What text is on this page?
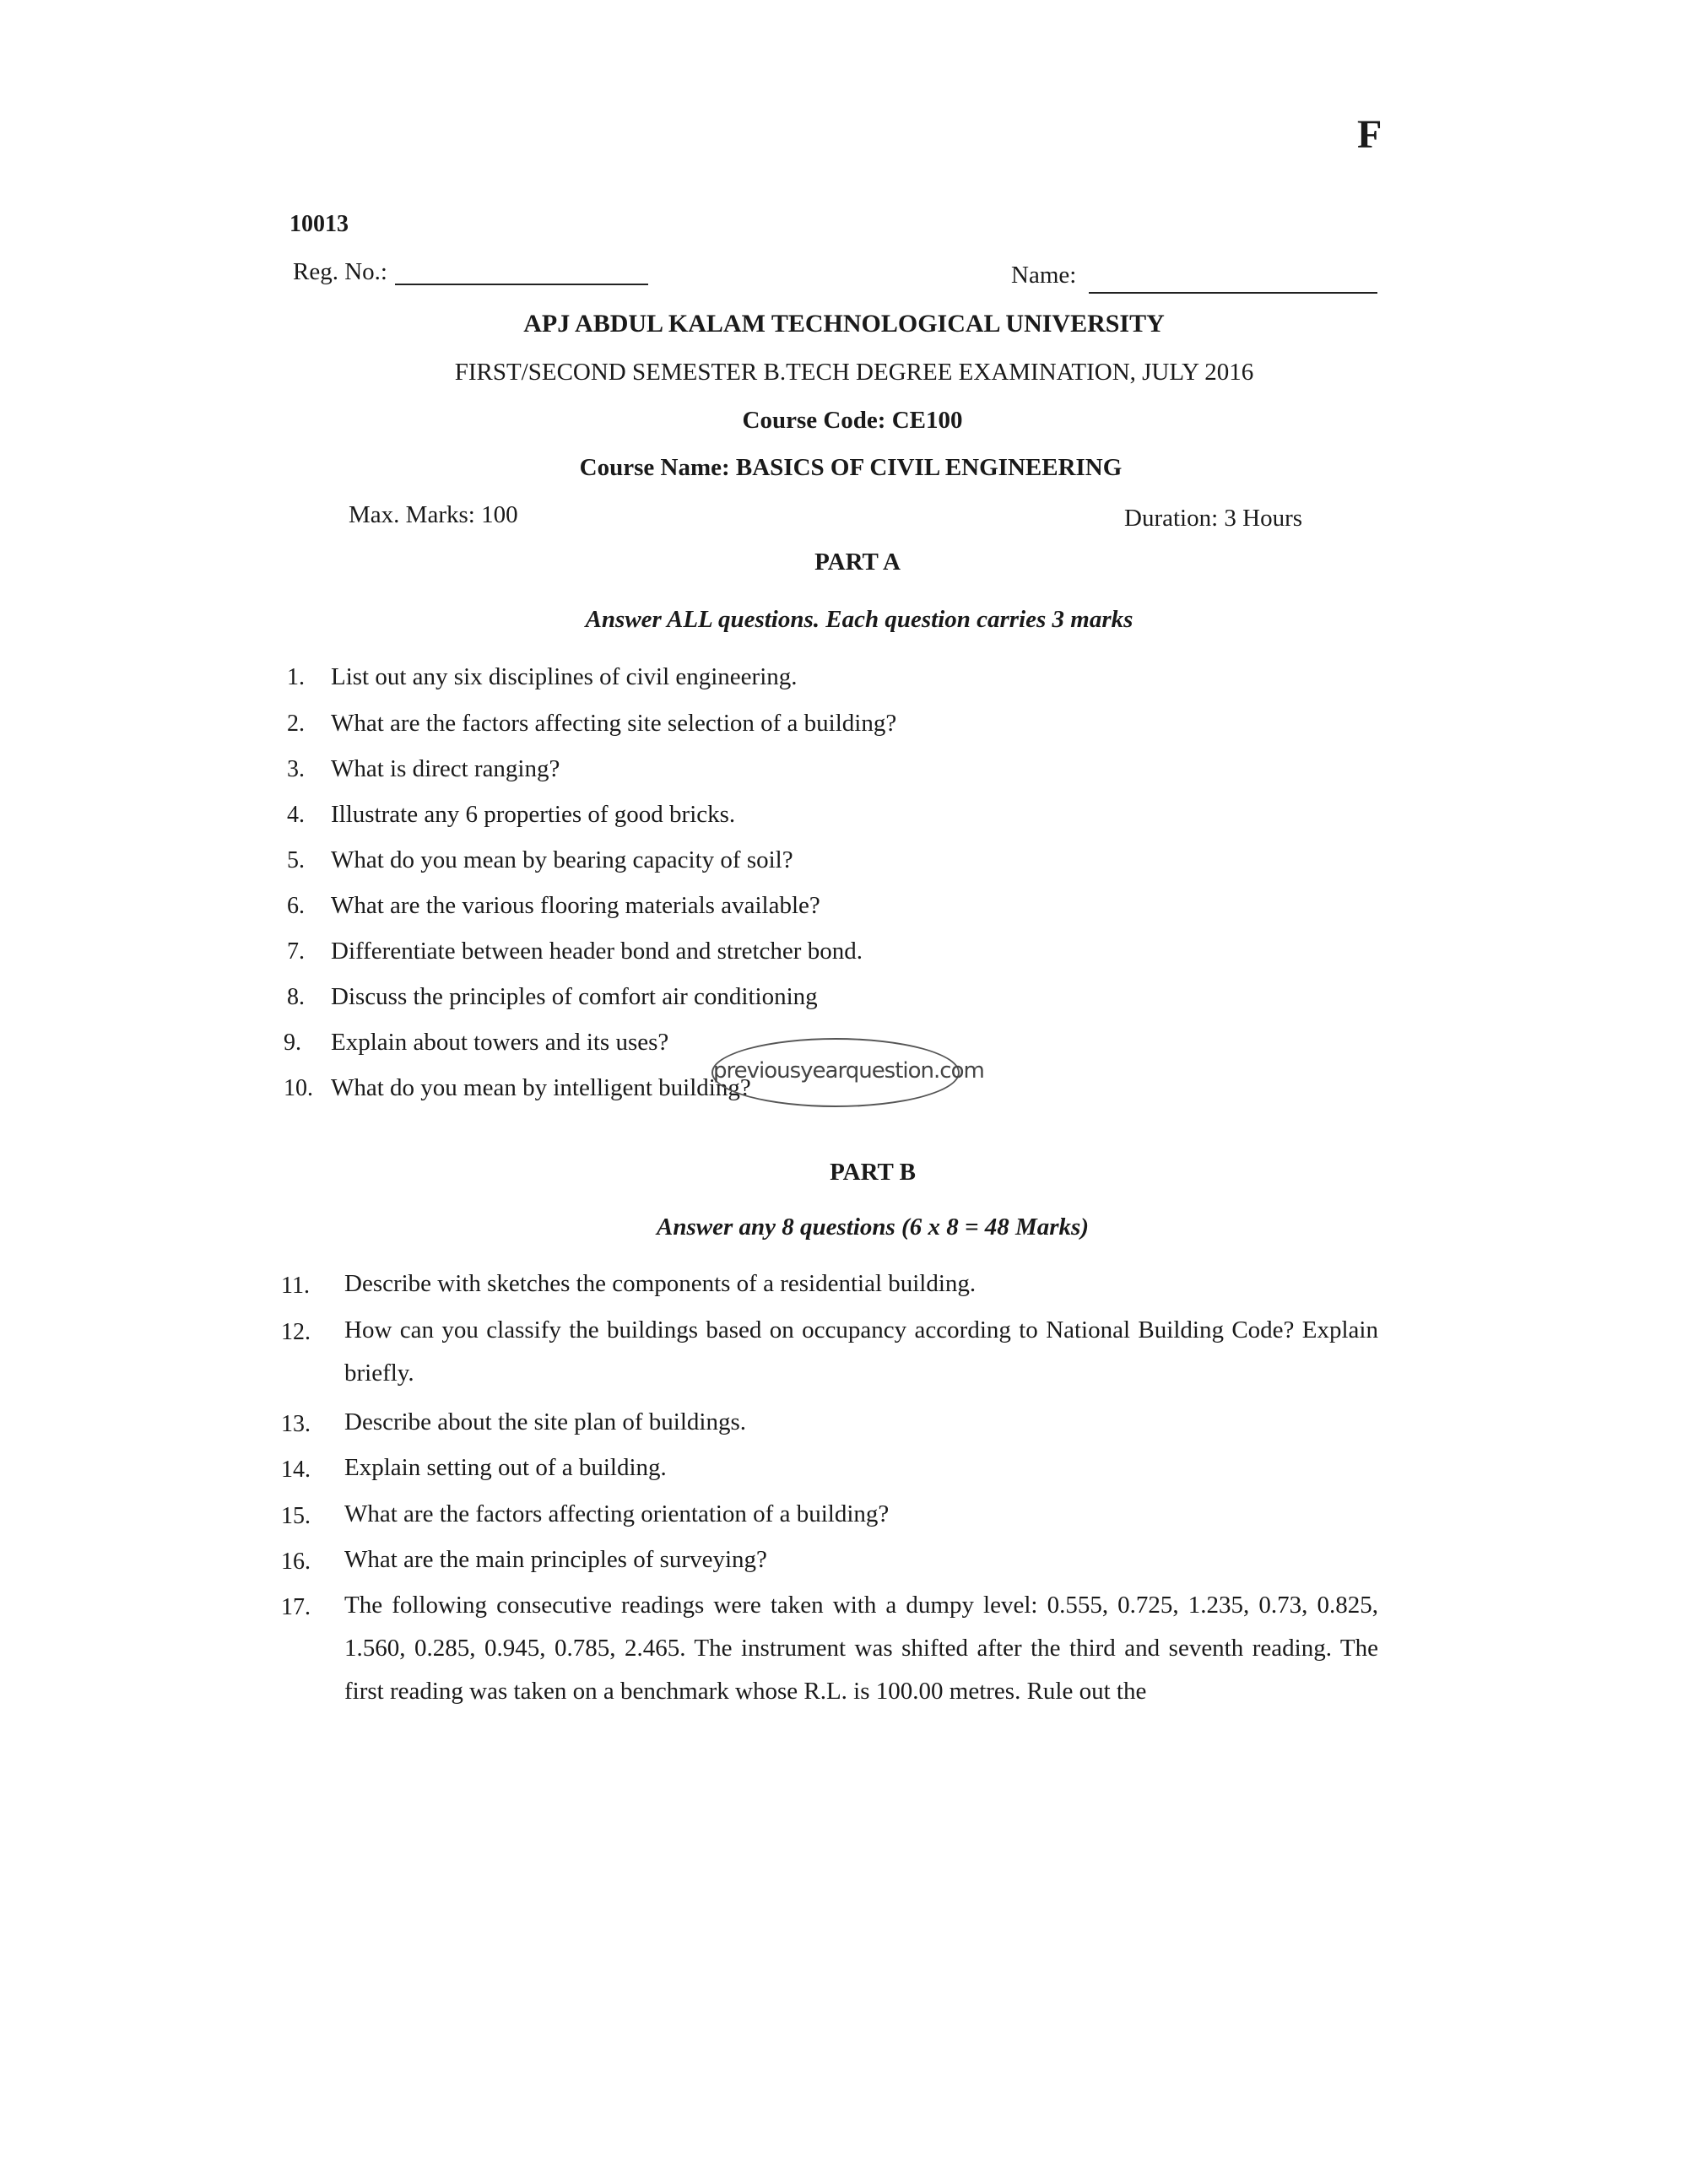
F
10013
Reg. No.:	Name:
APJ ABDUL KALAM TECHNOLOGICAL UNIVERSITY
FIRST/SECOND SEMESTER B.TECH DEGREE EXAMINATION, JULY 2016
Course Code: CE100
Course Name: BASICS OF CIVIL ENGINEERING
Max. Marks: 100	Duration: 3 Hours
PART A
Answer ALL questions. Each question carries 3 marks
1.	List out any six disciplines of civil engineering.
2.	What are the factors affecting site selection of a building?
3.	What is direct ranging?
4.	Illustrate any 6 properties of good bricks.
5.	What do you mean by bearing capacity of soil?
6.	What are the various flooring materials available?
7.	Differentiate between header bond and stretcher bond.
8.	Discuss the principles of comfort air conditioning
9.	Explain about towers and its uses?
10. What do you mean by intelligent building?
previousyearquestion.com
PART B
Answer any 8 questions (6 x 8 = 48 Marks)
11. Describe with sketches the components of a residential building.
12. How can you classify the buildings based on occupancy according to National Building Code? Explain briefly.
13. Describe about the site plan of buildings.
14. Explain setting out of a building.
15. What are the factors affecting orientation of a building?
16. What are the main principles of surveying?
17. The following consecutive readings were taken with a dumpy level: 0.555, 0.725, 1.235, 0.73, 0.825, 1.560, 0.285, 0.945, 0.785, 2.465. The instrument was shifted after the third and seventh reading. The first reading was taken on a benchmark whose R.L. is 100.00 metres. Rule out the
